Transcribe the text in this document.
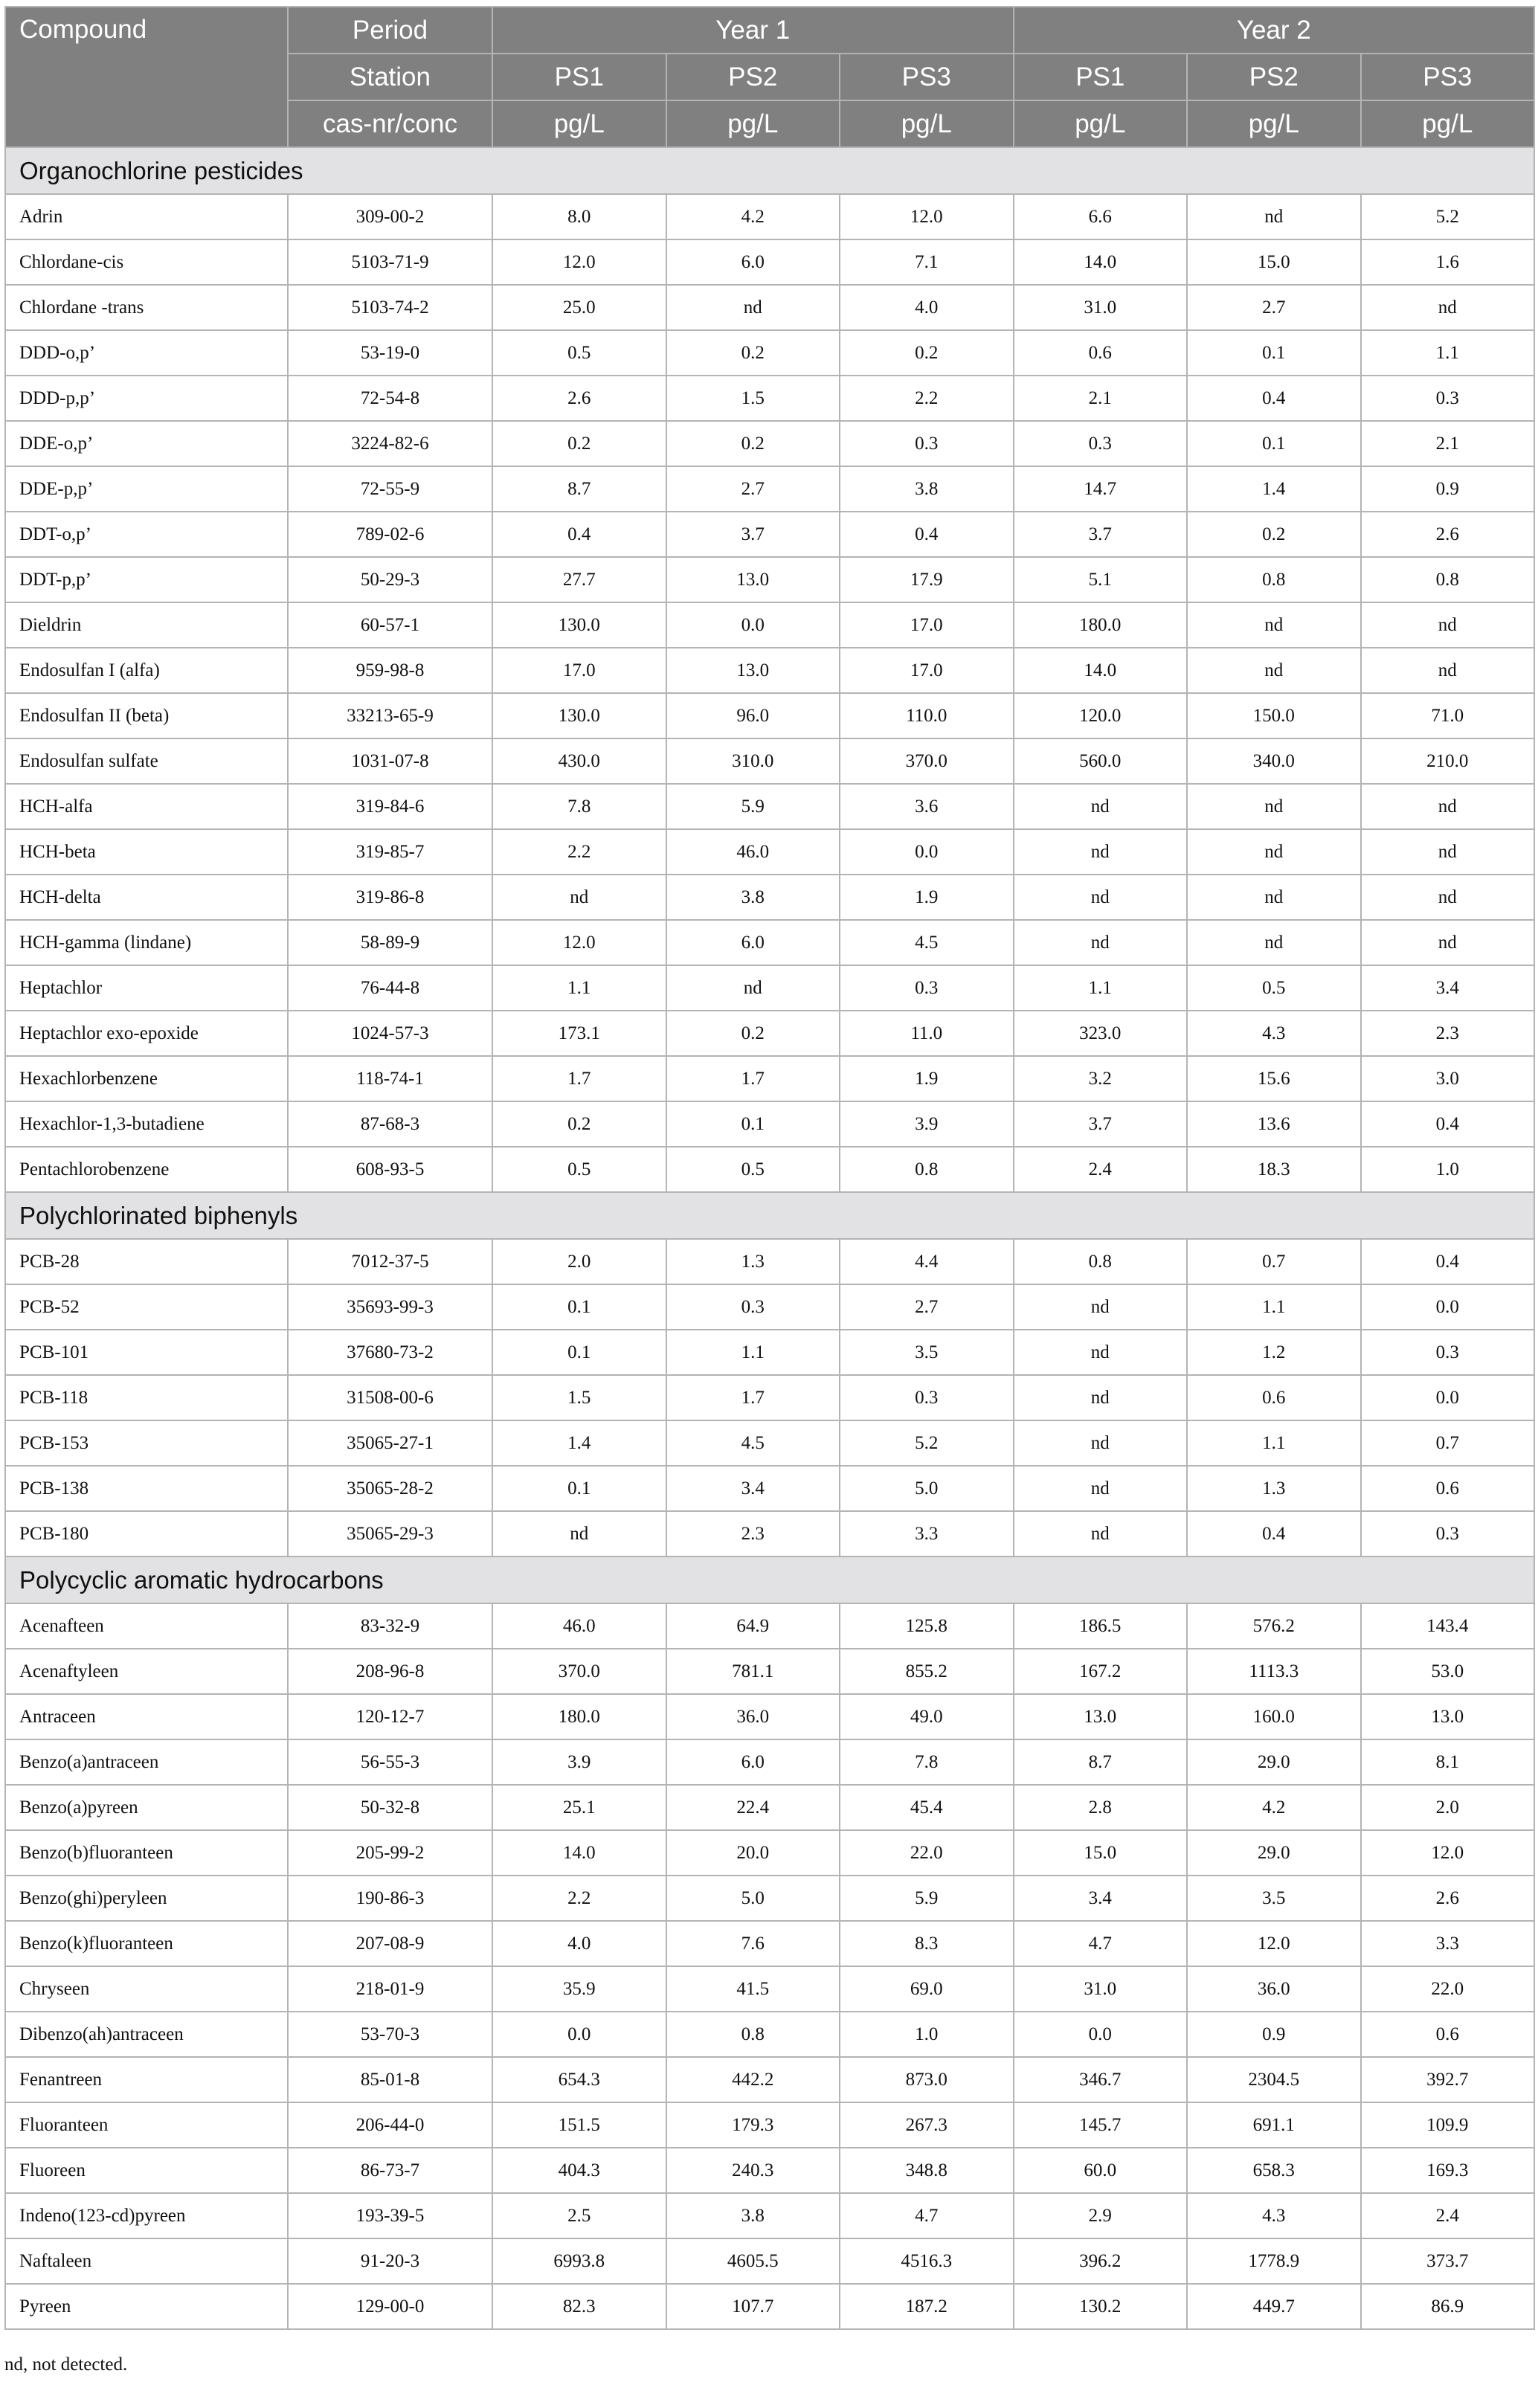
Compound	Period	Year 1			Year 2		
	Station	PS1	PS2	PS3	PS1	PS2	PS3
	cas-nr/conc	pg/L	pg/L	pg/L	pg/L	pg/L	pg/L
Organochlorine pesticides							
Adrin	309-00-2	8.0	4.2	12.0	6.6	nd	5.2
Chlordane-cis	5103-71-9	12.0	6.0	7.1	14.0	15.0	1.6
Chlordane -trans	5103-74-2	25.0	nd	4.0	31.0	2.7	nd
DDD-o,p’	53-19-0	0.5	0.2	0.2	0.6	0.1	1.1
DDD-p,p’	72-54-8	2.6	1.5	2.2	2.1	0.4	0.3
DDE-o,p’	3224-82-6	0.2	0.2	0.3	0.3	0.1	2.1
DDE-p,p’	72-55-9	8.7	2.7	3.8	14.7	1.4	0.9
DDT-o,p’	789-02-6	0.4	3.7	0.4	3.7	0.2	2.6
DDT-p,p’	50-29-3	27.7	13.0	17.9	5.1	0.8	0.8
Dieldrin	60-57-1	130.0	0.0	17.0	180.0	nd	nd
Endosulfan I (alfa)	959-98-8	17.0	13.0	17.0	14.0	nd	nd
Endosulfan II (beta)	33213-65-9	130.0	96.0	110.0	120.0	150.0	71.0
Endosulfan sulfate	1031-07-8	430.0	310.0	370.0	560.0	340.0	210.0
HCH-alfa	319-84-6	7.8	5.9	3.6	nd	nd	nd
HCH-beta	319-85-7	2.2	46.0	0.0	nd	nd	nd
HCH-delta	319-86-8	nd	3.8	1.9	nd	nd	nd
HCH-gamma (lindane)	58-89-9	12.0	6.0	4.5	nd	nd	nd
Heptachlor	76-44-8	1.1	nd	0.3	1.1	0.5	3.4
Heptachlor exo-epoxide	1024-57-3	173.1	0.2	11.0	323.0	4.3	2.3
Hexachlorbenzene	118-74-1	1.7	1.7	1.9	3.2	15.6	3.0
Hexachlor-1,3-butadiene	87-68-3	0.2	0.1	3.9	3.7	13.6	0.4
Pentachlorobenzene	608-93-5	0.5	0.5	0.8	2.4	18.3	1.0
Polychlorinated biphenyls							
PCB-28	7012-37-5	2.0	1.3	4.4	0.8	0.7	0.4
PCB-52	35693-99-3	0.1	0.3	2.7	nd	1.1	0.0
PCB-101	37680-73-2	0.1	1.1	3.5	nd	1.2	0.3
PCB-118	31508-00-6	1.5	1.7	0.3	nd	0.6	0.0
PCB-153	35065-27-1	1.4	4.5	5.2	nd	1.1	0.7
PCB-138	35065-28-2	0.1	3.4	5.0	nd	1.3	0.6
PCB-180	35065-29-3	nd	2.3	3.3	nd	0.4	0.3
Polycyclic aromatic hydrocarbons							
Acenafteen	83-32-9	46.0	64.9	125.8	186.5	576.2	143.4
Acenaftyleen	208-96-8	370.0	781.1	855.2	167.2	1113.3	53.0
Antraceen	120-12-7	180.0	36.0	49.0	13.0	160.0	13.0
Benzo(a)antraceen	56-55-3	3.9	6.0	7.8	8.7	29.0	8.1
Benzo(a)pyreen	50-32-8	25.1	22.4	45.4	2.8	4.2	2.0
Benzo(b)fluoranteen	205-99-2	14.0	20.0	22.0	15.0	29.0	12.0
Benzo(ghi)peryleen	190-86-3	2.2	5.0	5.9	3.4	3.5	2.6
Benzo(k)fluoranteen	207-08-9	4.0	7.6	8.3	4.7	12.0	3.3
Chryseen	218-01-9	35.9	41.5	69.0	31.0	36.0	22.0
Dibenzo(ah)antraceen	53-70-3	0.0	0.8	1.0	0.0	0.9	0.6
Fenantreen	85-01-8	654.3	442.2	873.0	346.7	2304.5	392.7
Fluoranteen	206-44-0	151.5	179.3	267.3	145.7	691.1	109.9
Fluoreen	86-73-7	404.3	240.3	348.8	60.0	658.3	169.3
Indeno(123-cd)pyreen	193-39-5	2.5	3.8	4.7	2.9	4.3	2.4
Naftaleen	91-20-3	6993.8	4605.5	4516.3	396.2	1778.9	373.7
Pyreen	129-00-0	82.3	107.7	187.2	130.2	449.7	86.9
nd, not detected.
